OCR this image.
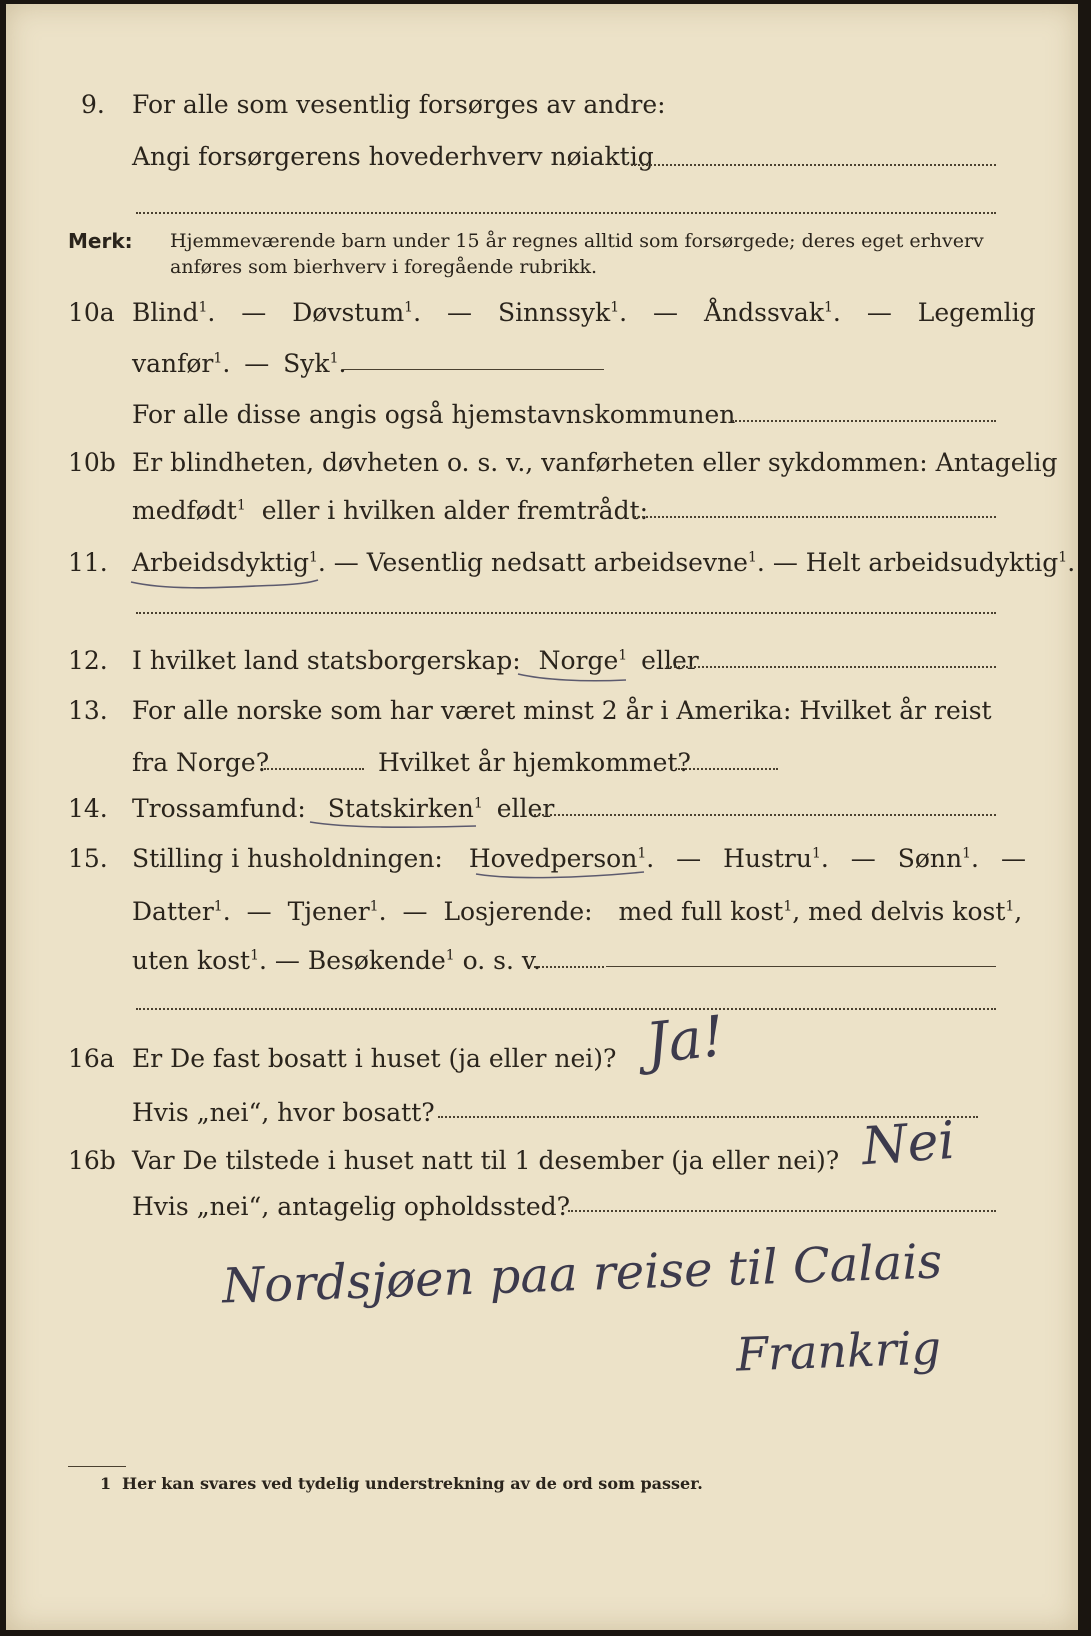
9. For alle som vesentlig forsørges av andre:
Angi forsørgerens hovederhverv nøiaktig
Merk: Hjemmeværende barn under 15 år regnes alltid som forsørgede; deres eget erhverv
anføres som bierhverv i foregående rubrikk.
10a Blind$^1$. — Døvstum$^1$. — Sinnssyk$^1$. — Åndssvak$^1$. — Legemlig
vanfør$^1$. — Syk$^1$.
For alle disse angis også hjemstavnskommunen
10b Er blindheten, døvheten o. s. v., vanførheten eller sykdommen: Antagelig
medfødt$^1$ eller i hvilken alder fremtrådt:
11. Arbeidsdyktig$^1$. — Vesentlig nedsatt arbeidsevne$^1$. — Helt arbeidsudyktig$^1$.
12. I hvilket land statsborgerskap: Norge$^1$ eller
13. For alle norske som har været minst 2 år i Amerika: Hvilket år reist
fra Norge?	Hvilket år hjemkommet?
14. Trossamfund: Statskirken$^1$ eller
15. Stilling i husholdningen: Hovedperson$^1$. — Hustru$^1$. — Sønn$^1$. —
Datter$^1$. — Tjener$^1$. — Losjerende: med full kost$^1$, med delvis kost$^1$,
uten kost$^1$. — Besøkende$^1$ o. s. v.
16a Er De fast bosatt i huset (ja eller nei)? Ja!
Hvis „nei“, hvor bosatt?
16b Var De tilstede i huset natt til 1 desember (ja eller nei)? Nei
Hvis „nei“, antagelig opholdssted?
Nordsjøen paa reise til Calais
Frankrig
1 Her kan svares ved tydelig understrekning av de ord som passer.
